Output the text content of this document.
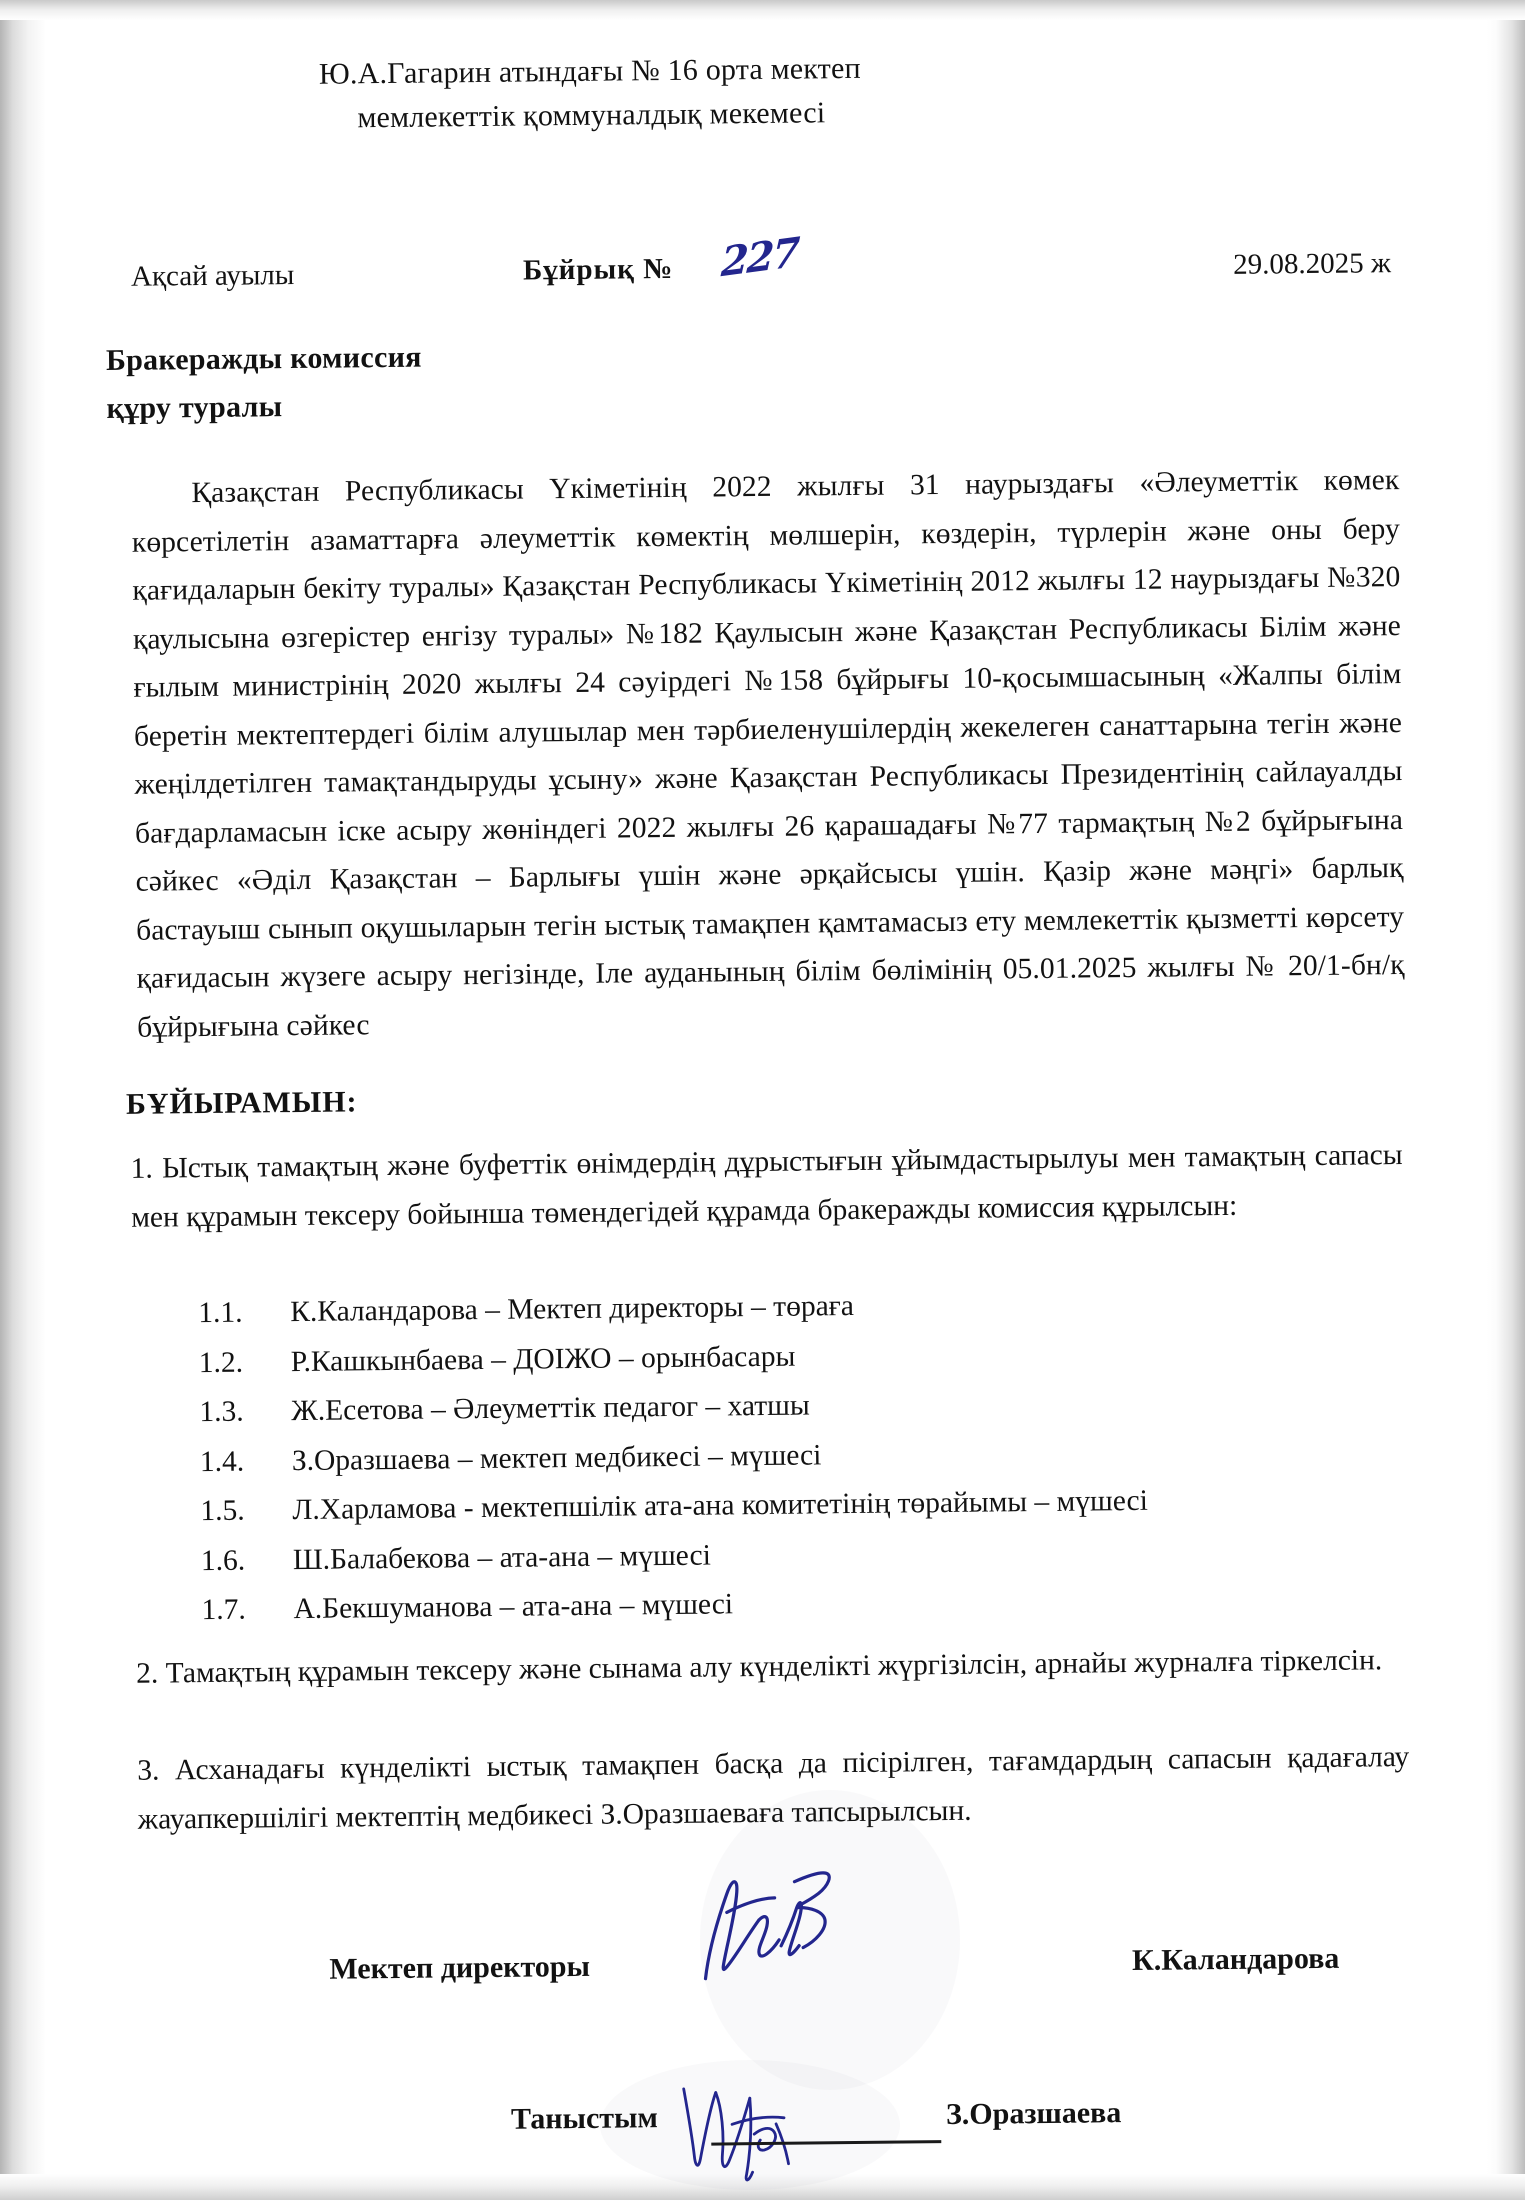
Ю.А.Гагарин атындағы № 16 орта мектеп
мемлекеттік қоммуналдық мекемесі
Ақсай ауылы	Бұйрық № 227	29.08.2025 ж
Бракеражды комиссия
құру туралы
Қазақстан Республикасы Үкіметінің 2022 жылғы 31 наурыздағы «Әлеуметтік көмек көрсетілетін азаматтарға әлеуметтік көмектің мөлшерін, көздерін, түрлерін және оны беру қағидаларын бекіту туралы» Қазақстан Республикасы Үкіметінің 2012 жылғы 12 наурыздағы №320 қаулысына өзгерістер енгізу туралы» №182 Қаулысын және Қазақстан Республикасы Білім және ғылым министрінің 2020 жылғы 24 сәуірдегі №158 бұйрығы 10-қосымшасының «Жалпы білім беретін мектептердегі білім алушылар мен тәрбиеленушілердің жекелеген санаттарына тегін және жеңілдетілген тамақтандыруды ұсыну» және Қазақстан Республикасы Президентінің сайлауалды бағдарламасын іске асыру жөніндегі 2022 жылғы 26 қарашадағы №77 тармақтың №2 бұйрығына сәйкес «Әділ Қазақстан – Барлығы үшін және әрқайсысы үшін. Қазір және мәңгі» барлық бастауыш сынып оқушыларын тегін ыстық тамақпен қамтамасыз ету мемлекеттік қызметті көрсету қағидасын жүзеге асыру негізінде, Іле ауданының білім бөлімінің 05.01.2025 жылғы № 20/1-бн/қ бұйрығына сәйкес
БҰЙЫРАМЫН:
1. Ыстық тамақтың және буфеттік өнімдердің дұрыстығын ұйымдастырылуы мен тамақтың сапасы мен құрамын тексеру бойынша төмендегідей құрамда бракеражды комиссия құрылсын:
1.1.	К.Каландарова – Мектеп директоры – төраға
1.2.	Р.Кашкынбаева – ДОІЖО – орынбасары
1.3.	Ж.Есетова – Әлеуметтік педагог – хатшы
1.4.	З.Оразшаева – мектеп медбикесі – мүшесі
1.5.	Л.Харламова - мектепшілік ата-ана комитетінің төрайымы – мүшесі
1.6.	Ш.Балабекова – ата-ана – мүшесі
1.7.	А.Бекшуманова – ата-ана – мүшесі
2. Тамақтың құрамын тексеру және сынама алу күнделікті жүргізілсін, арнайы журналға тіркелсін.
3. Асханадағы күнделікті ыстық тамақпен басқа да пісірілген, тағамдардың сапасын қадағалау жауапкершілігі мектептің медбикесі З.Оразшаеваға тапсырылсын.
Мектеп директоры	К.Каландарова
Таныстым	З.Оразшаева
